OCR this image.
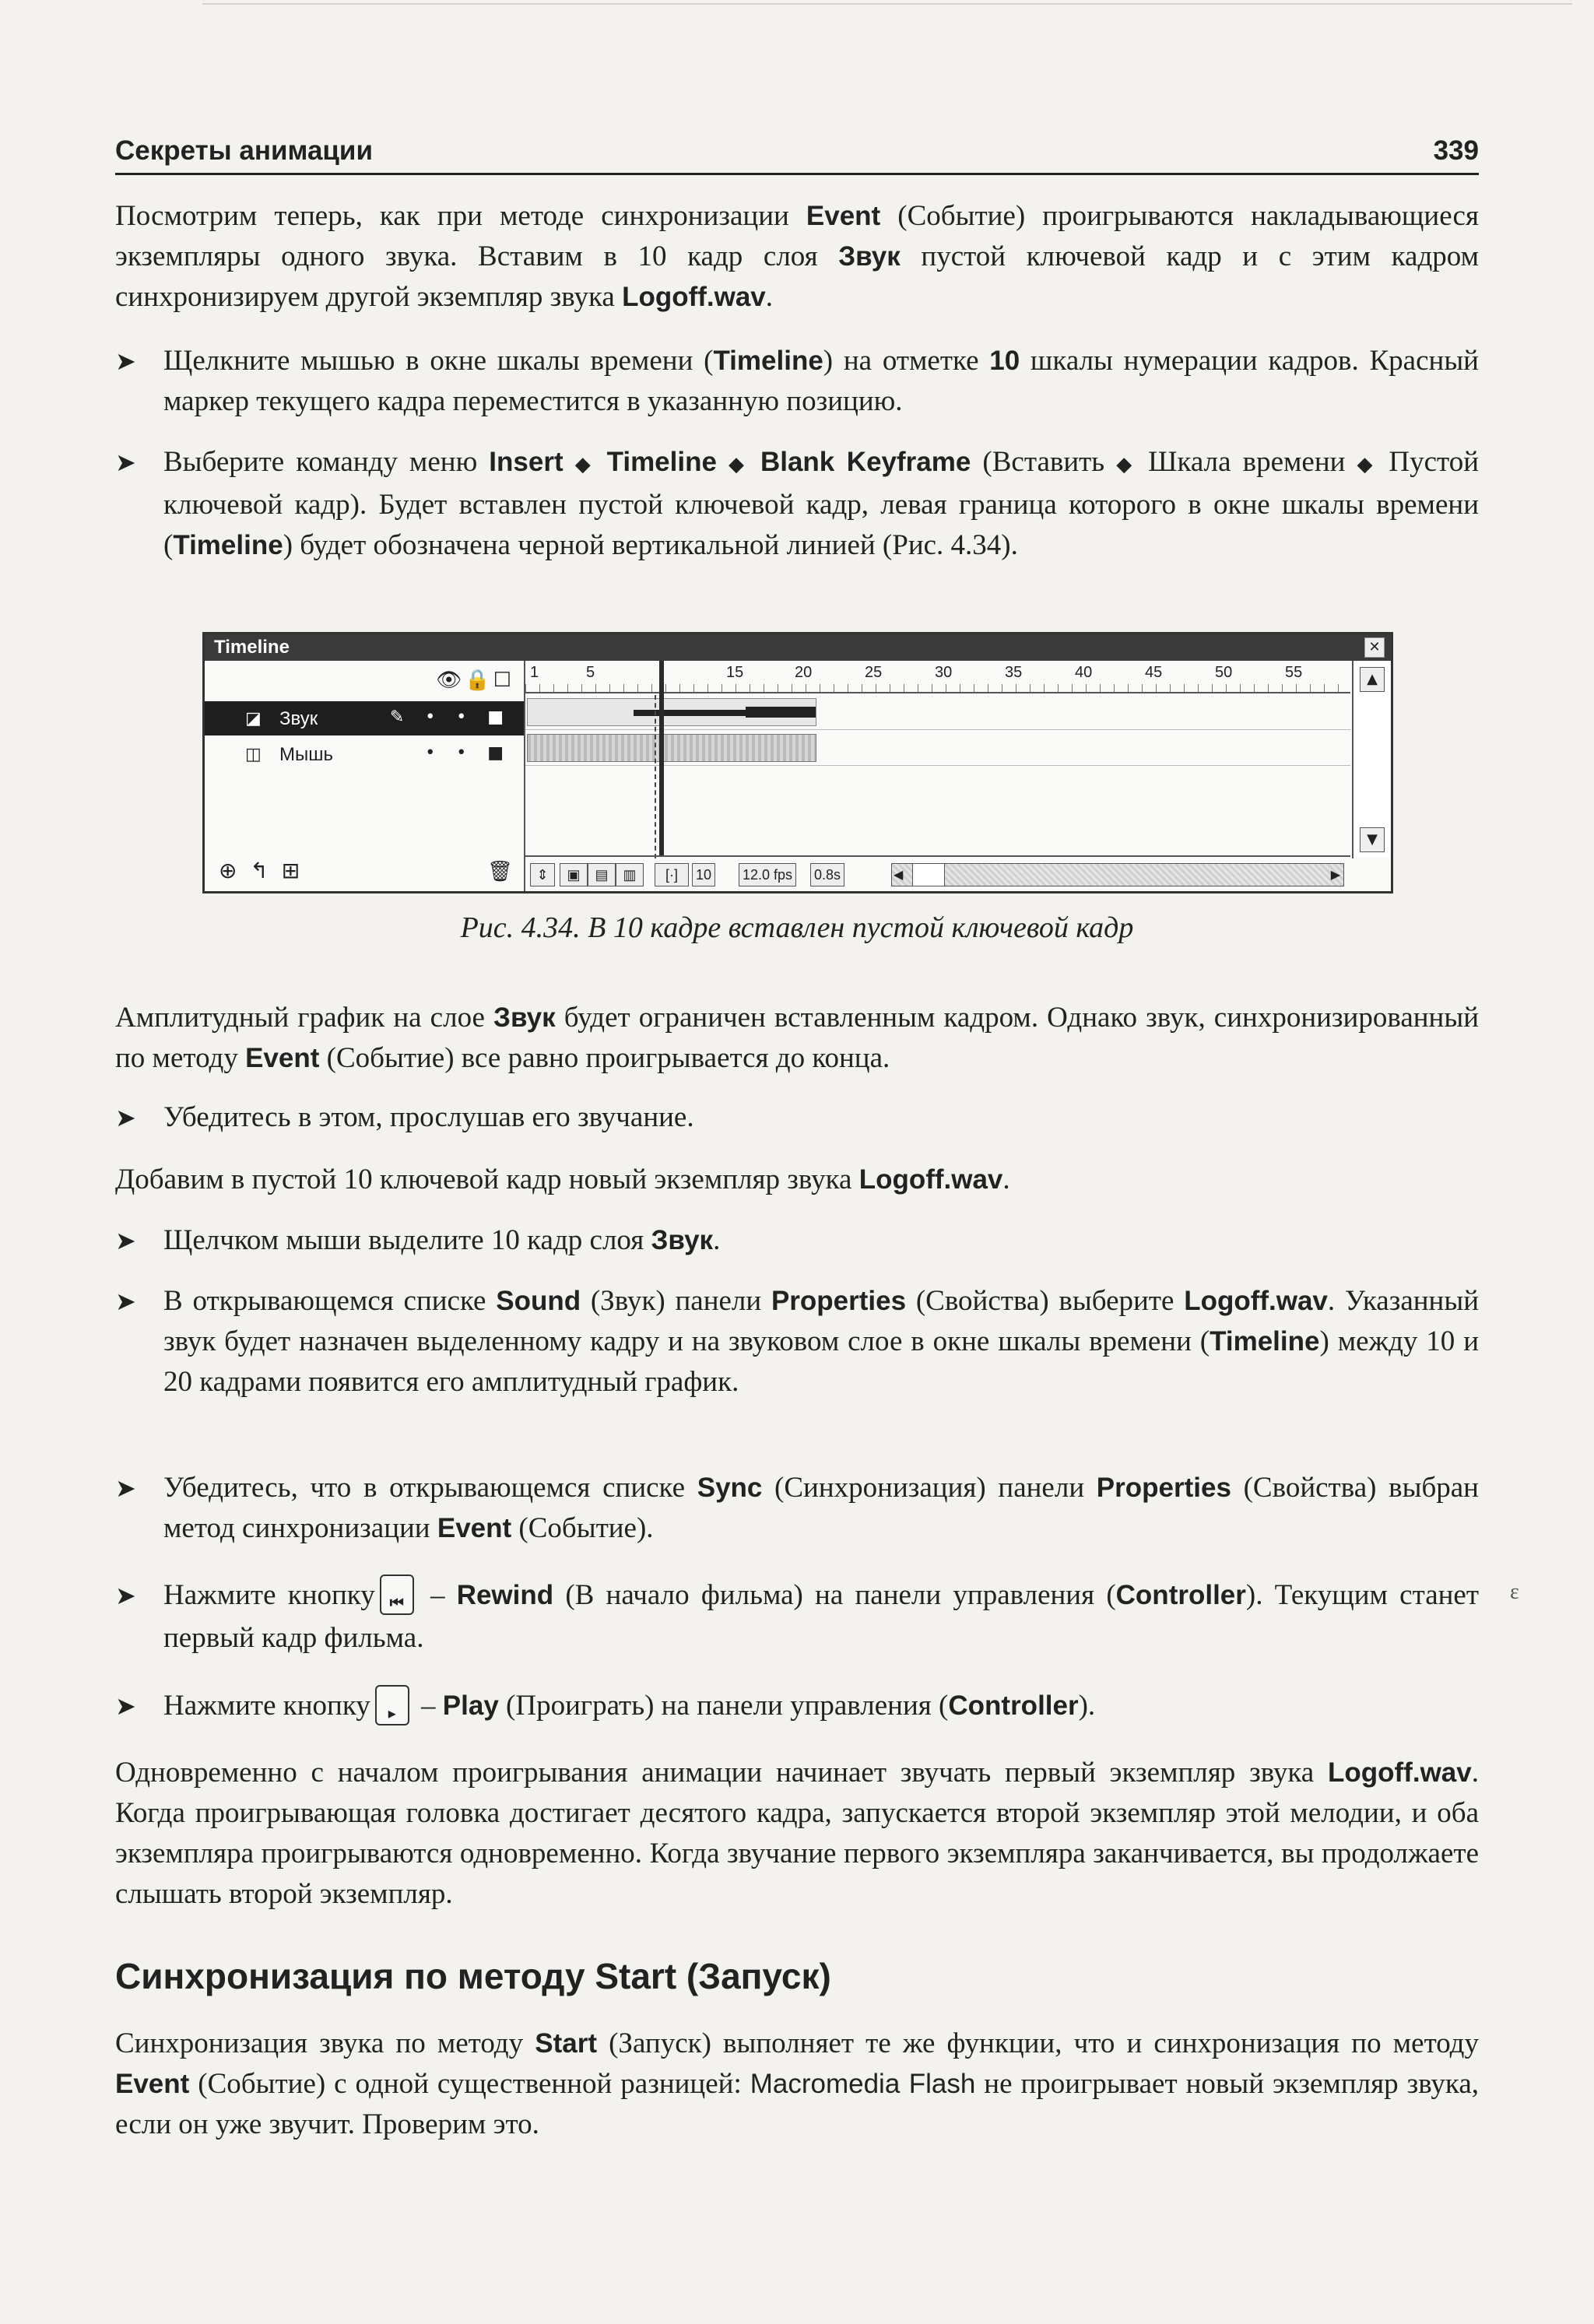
Секреты анимации	339

Посмотрим теперь, как при методе синхронизации Event (Событие) проигрываются накладывающиеся экземпляры одного звука. Вставим в 10 кадр слоя Звук пустой ключевой кадр и с этим кадром синхронизируем другой экземпляр звука Logoff.wav.

➤ Щелкните мышью в окне шкалы времени (Timeline) на отметке 10 шкалы нумерации кадров. Красный маркер текущего кадра переместится в указанную позицию.
➤ Выберите команду меню Insert ◆ Timeline ◆ Blank Keyframe (Вставить ◆ Шкала времени ◆ Пустой ключевой кадр). Будет вставлен пустой ключевой кадр, левая граница которого в окне шкалы времени (Timeline) будет обозначена черной вертикальной линией (Рис. 4.34).
Timeline	✕
👁🔒☐
◪ Звук	✎ • • ■
◫ Мышь	• • ■
⊕ ↰ ⊞	🗑
1	5	15	20	25	30	35	40	45	50	55
⇕	▣	▤	▥	[·]	10 12.0 fps 0.8s	◀	▶
▲
▼
Рис. 4.34. В 10 кадре вставлен пустой ключевой кадр

Амплитудный график на слое Звук будет ограничен вставленным кадром. Однако звук, синхронизированный по методу Event (Событие) все равно проигрывается до конца.

➤ Убедитесь в этом, прослушав его звучание.

Добавим в пустой 10 ключевой кадр новый экземпляр звука Logoff.wav.

➤ Щелчком мыши выделите 10 кадр слоя Звук.
➤ В открывающемся списке Sound (Звук) панели Properties (Свойства) выберите Logoff.wav. Указанный звук будет назначен выделенному кадру и на звуковом слое в окне шкалы времени (Timeline) между 10 и 20 кадрами появится его амплитудный график.
➤ Убедитесь, что в открывающемся списке Sync (Синхронизация) панели Properties (Свойства) выбран метод синхронизации Event (Событие).
➤ Нажмите кнопку ⏮ – Rewind (В начало фильма) на панели управления (Controller). Текущим станет первый кадр фильма.
➤ Нажмите кнопку	▸ – Play (Проиграть) на панели управления (Controller).

Одновременно с началом проигрывания анимации начинает звучать первый экземпляр звука Logoff.wav. Когда проигрывающая головка достигает десятого кадра, запускается второй экземпляр этой мелодии, и оба экземпляра проигрываются одновременно. Когда звучание первого экземпляра заканчивается, вы продолжаете слышать второй экземпляр.

Синхронизация по методу Start (Запуск)

Синхронизация звука по методу Start (Запуск) выполняет те же функции, что и синхронизация по методу Event (Событие) с одной существенной разницей: Macromedia Flash не проигрывает новый экземпляр звука, если он уже звучит. Проверим это.

ɛ
